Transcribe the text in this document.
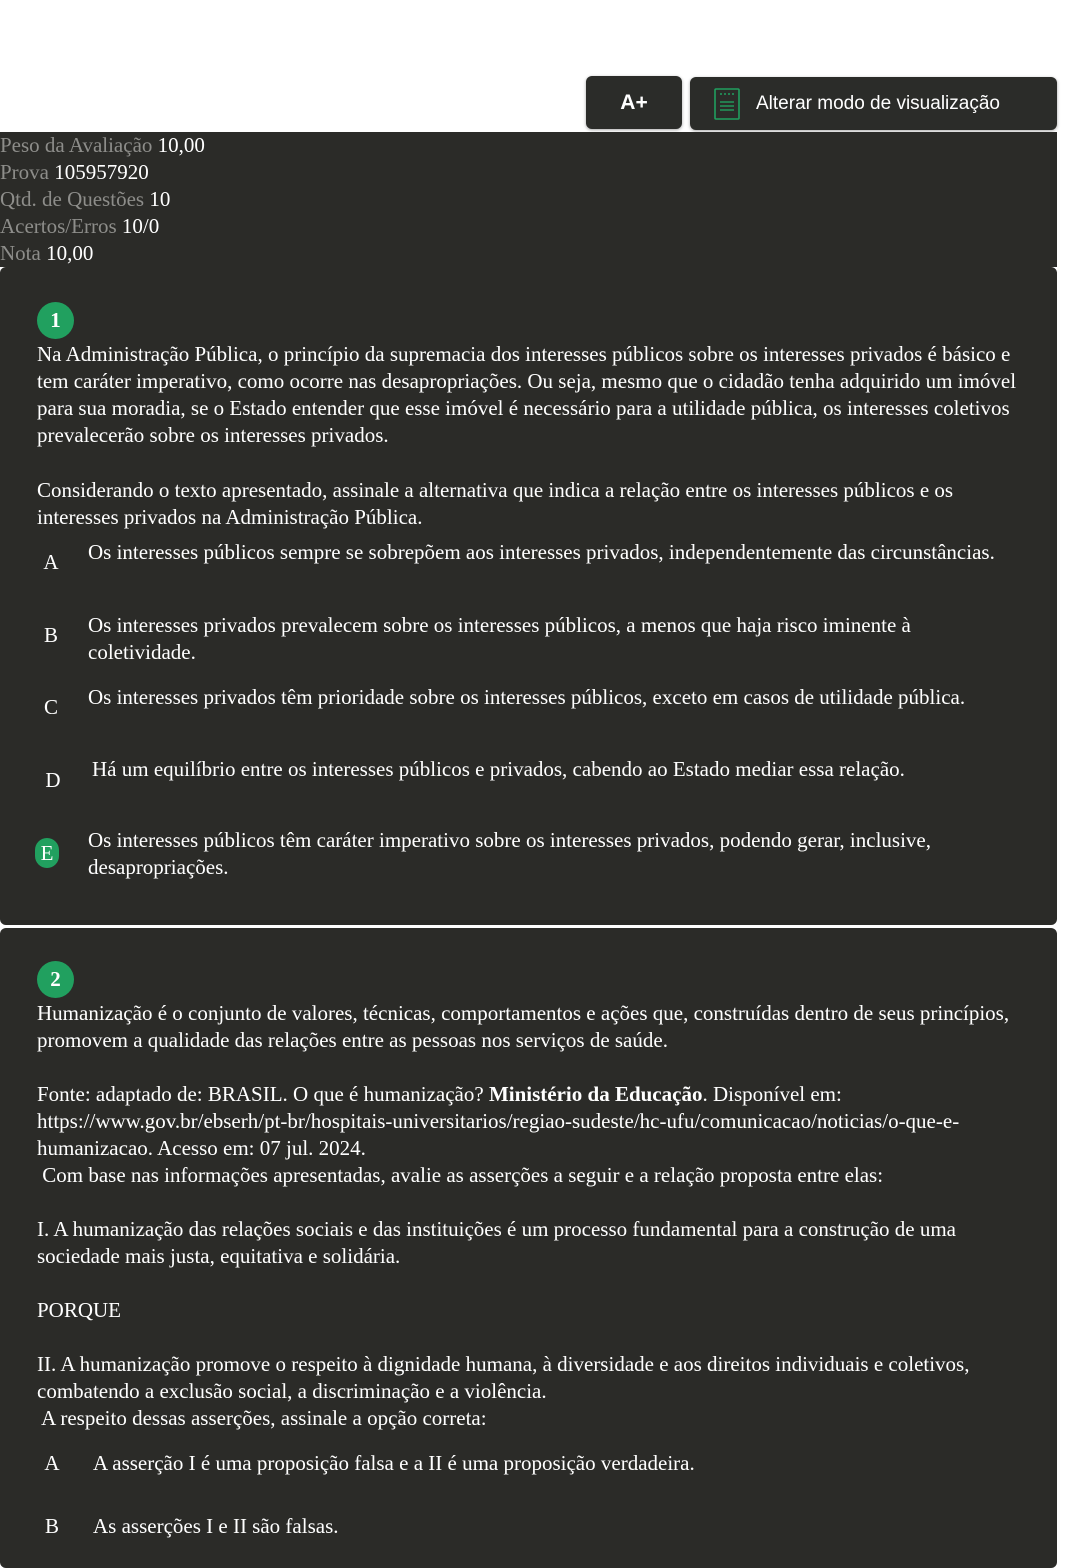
A+	Alterar modo de visualização
Peso da Avaliação 10,00
Prova 105957920
Qtd. de Questões 10
Acertos/Erros 10/0
Nota 10,00
1

Na Administração Pública, o princípio da supremacia dos interesses públicos sobre os interesses privados é básico e tem caráter imperativo, como ocorre nas desapropriações. Ou seja, mesmo que o cidadão tenha adquirido um imóvel para sua moradia, se o Estado entender que esse imóvel é necessário para a utilidade pública, os interesses coletivos prevalecerão sobre os interesses privados.

Considerando o texto apresentado, assinale a alternativa que indica a relação entre os interesses públicos e os interesses privados na Administração Pública.

A	Os interesses públicos sempre se sobrepõem aos interesses privados, independentemente das circunstâncias.
B	Os interesses privados prevalecem sobre os interesses públicos, a menos que haja risco iminente à coletividade.
C	Os interesses privados têm prioridade sobre os interesses públicos, exceto em casos de utilidade pública.
D	Há um equilíbrio entre os interesses públicos e privados, cabendo ao Estado mediar essa relação.
E
Os interesses públicos têm caráter imperativo sobre os interesses privados, podendo gerar, inclusive, desapropriações.
2

Humanização é o conjunto de valores, técnicas, comportamentos e ações que, construídas dentro de seus princípios, promovem a qualidade das relações entre as pessoas nos serviços de saúde.

Fonte: adaptado de: BRASIL. O que é humanização? Ministério da Educação. Disponível em: https://www.gov.br/ebserh/pt-br/hospitais-universitarios/regiao-sudeste/hc-ufu/comunicacao/noticias/o-que-e-humanizacao. Acesso em: 07 jul. 2024.

Com base nas informações apresentadas, avalie as asserções a seguir e a relação proposta entre elas:

I. A humanização das relações sociais e das instituições é um processo fundamental para a construção de uma sociedade mais justa, equitativa e solidária.

PORQUE

II. A humanização promove o respeito à dignidade humana, à diversidade e aos direitos individuais e coletivos, combatendo a exclusão social, a discriminação e a violência.

A respeito dessas asserções, assinale a opção correta:

A	A asserção I é uma proposição falsa e a II é uma proposição verdadeira.
B	As asserções I e II são falsas.
